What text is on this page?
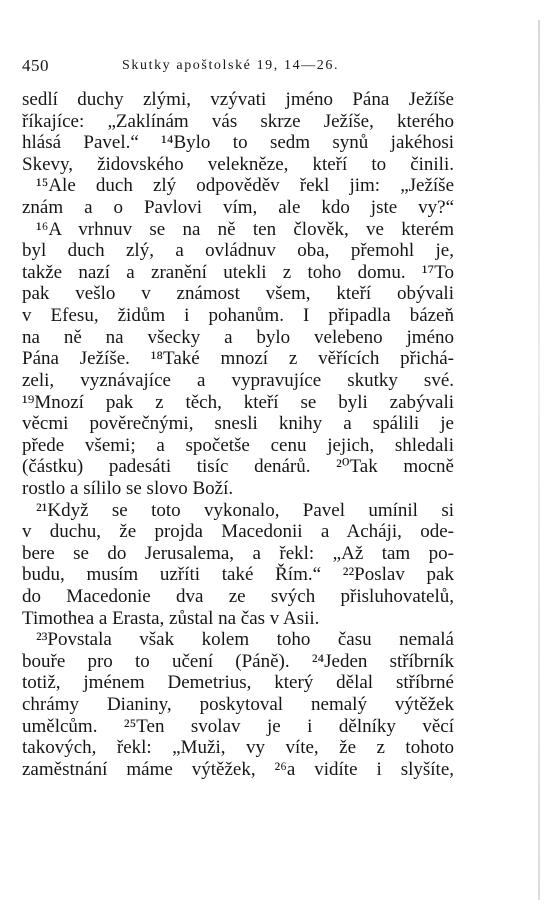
450	Skutky apoštolské 19, 14—26.
sedlí duchy zlými, vzývati jméno Pána Ježíše
říkajíce: „Zaklínám vás skrze Ježíše, kterého
hlásá Pavel.“ ¹⁴Bylo to sedm synů jakéhosi
Skevy, židovského velekněze, kteří to činili.
¹⁵Ale duch zlý odpověděv řekl jim: „Ježíše
znám a o Pavlovi vím, ale kdo jste vy?“
¹⁶A vrhnuv se na ně ten člověk, ve kterém
byl duch zlý, a ovládnuv oba, přemohl je,
takže nazí a zranění utekli z toho domu. ¹⁷To
pak vešlo v známost všem, kteří obývali
v Efesu, židům i pohanům. I připadla bázeň
na ně na všecky a bylo velebeno jméno
Pána Ježíše. ¹⁸Také mnozí z věřících přichá-
zeli, vyznávajíce a vypravujíce skutky své.
¹⁹Mnozí pak z těch, kteří se byli zabývali
věcmi pověrečnými, snesli knihy a spálili je
přede všemi; a spočetše cenu jejich, shledali
(částku) padesáti tisíc denárů. ²⁰Tak mocně
rostlo a sílilo se slovo Boží.
²¹Když se toto vykonalo, Pavel umínil si
v duchu, že projda Macedonii a Acháji, ode-
bere se do Jerusalema, a řekl: „Až tam po-
budu, musím uzříti také Řím.“ ²²Poslav pak
do Macedonie dva ze svých přisluhovatelů,
Timothea a Erasta, zůstal na čas v Asii.
²³Povstala však kolem toho času nemalá
bouře pro to učení (Páně). ²⁴Jeden stříbrník
totiž, jménem Demetrius, který dělal stříbrné
chrámy Dianiny, poskytoval nemalý výtěžek
umělcům. ²⁵Ten svolav je i dělníky věcí
takových, řekl: „Muži, vy víte, že z tohoto
zaměstnání máme výtěžek, ²⁶a vidíte i slyšíte,
